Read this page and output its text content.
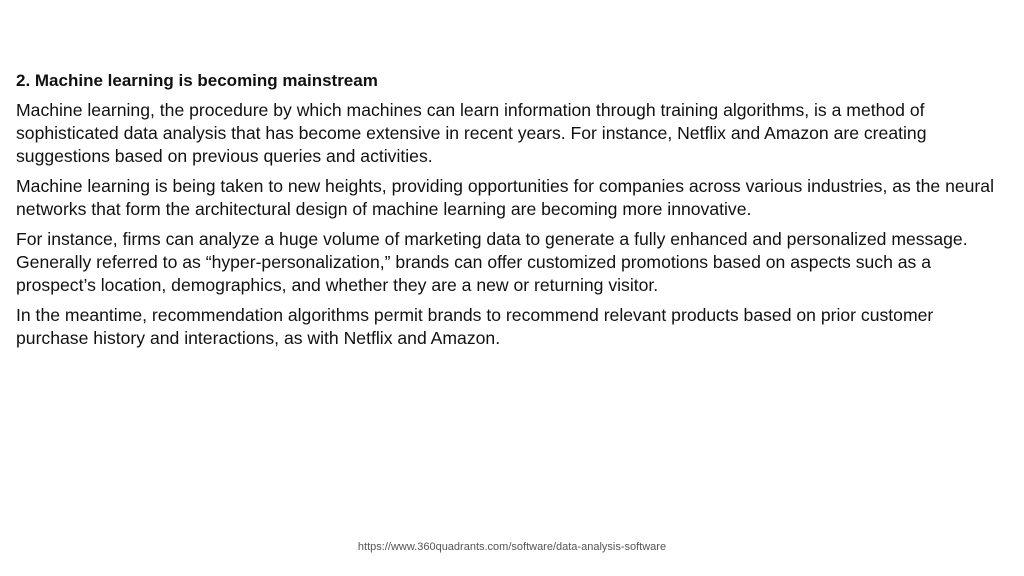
2. Machine learning is becoming mainstream

Machine learning, the procedure by which machines can learn information through training algorithms, is a method of sophisticated data analysis that has become extensive in recent years. For instance, Netflix and Amazon are creating suggestions based on previous queries and activities.

Machine learning is being taken to new heights, providing opportunities for companies across various industries, as the neural networks that form the architectural design of machine learning are becoming more innovative.

For instance, firms can analyze a huge volume of marketing data to generate a fully enhanced and personalized message. Generally referred to as “hyper-personalization,” brands can offer customized promotions based on aspects such as a prospect’s location, demographics, and whether they are a new or returning visitor.

In the meantime, recommendation algorithms permit brands to recommend relevant products based on prior customer purchase history and interactions, as with Netflix and Amazon.

https://www.360quadrants.com/software/data-analysis-software
